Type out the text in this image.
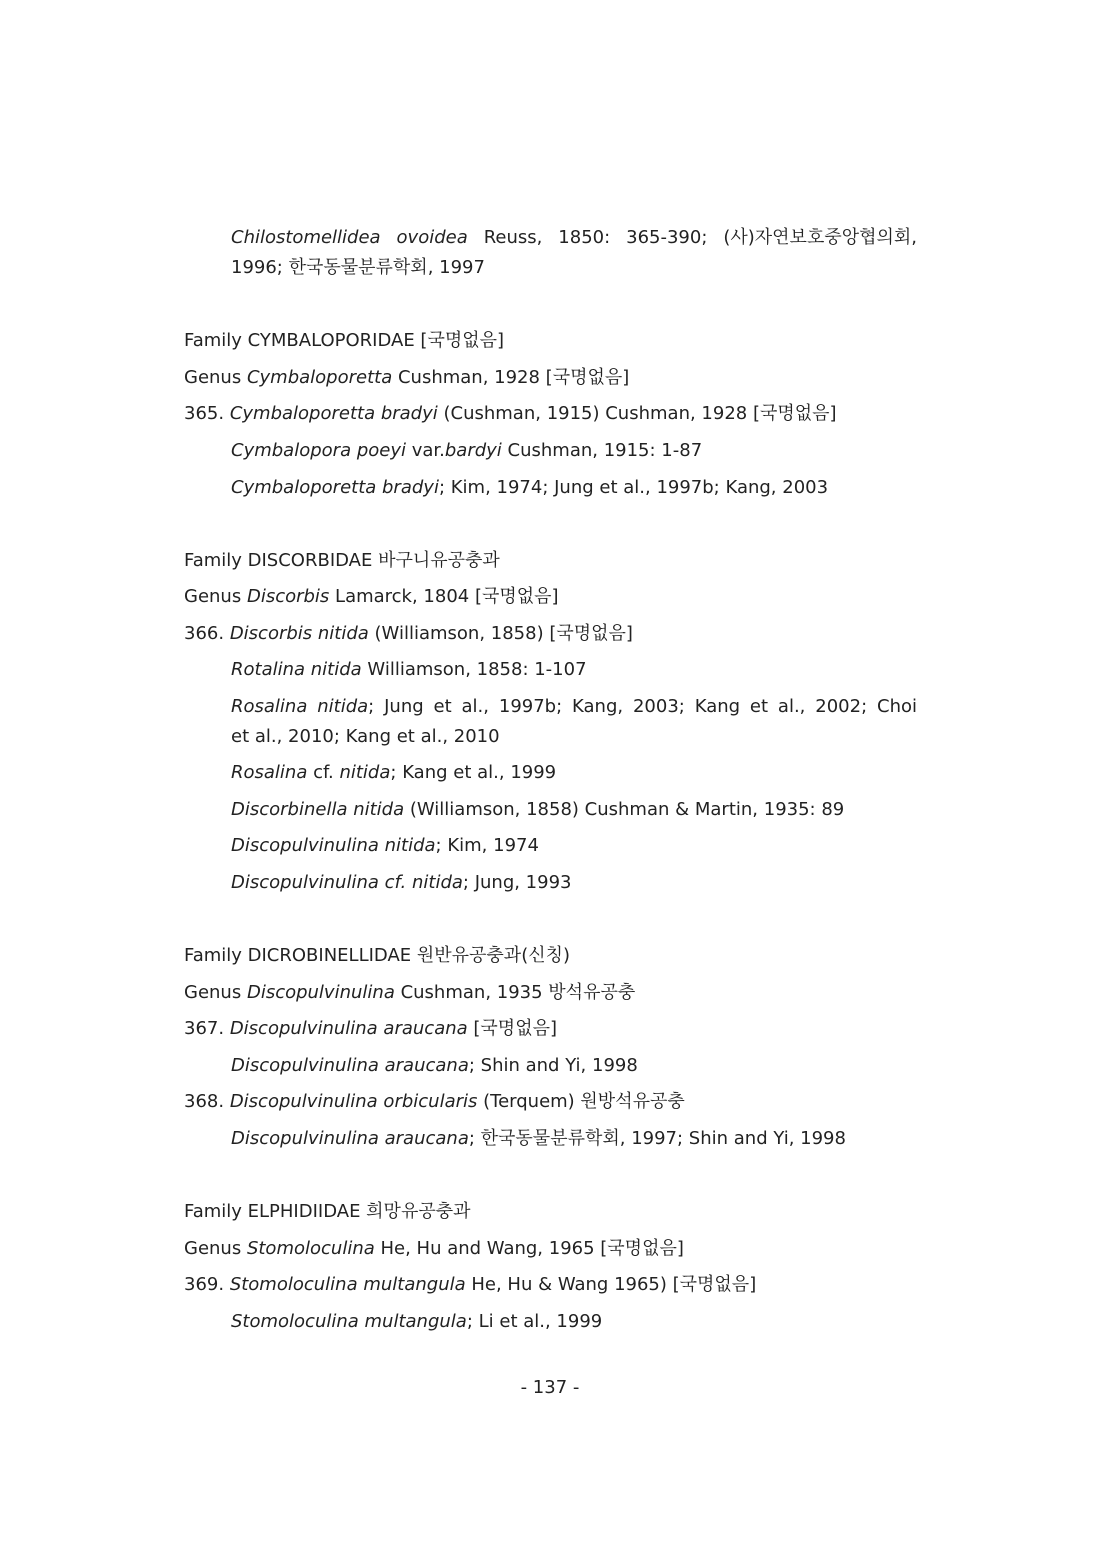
Chilostomellidea ovoidea Reuss, 1850: 365-390; (사)자연보호중앙협의회,
1996; 한국동물분류학회, 1997
Family CYMBALOPORIDAE [국명없음]
Genus Cymbaloporetta Cushman, 1928 [국명없음]
365. Cymbaloporetta bradyi (Cushman, 1915) Cushman, 1928 [국명없음]
Cymbalopora poeyi var.bardyi Cushman, 1915: 1-87
Cymbaloporetta bradyi; Kim, 1974; Jung et al., 1997b; Kang, 2003
Family DISCORBIDAE 바구니유공충과
Genus Discorbis Lamarck, 1804 [국명없음]
366. Discorbis nitida (Williamson, 1858) [국명없음]
Rotalina nitida Williamson, 1858: 1-107
Rosalina nitida; Jung et al., 1997b; Kang, 2003; Kang et al., 2002; Choi
et al., 2010; Kang et al., 2010
Rosalina cf. nitida; Kang et al., 1999
Discorbinella nitida (Williamson, 1858) Cushman & Martin, 1935: 89
Discopulvinulina nitida; Kim, 1974
Discopulvinulina cf. nitida; Jung, 1993
Family DICROBINELLIDAE 원반유공충과(신칭)
Genus Discopulvinulina Cushman, 1935 방석유공충
367. Discopulvinulina araucana [국명없음]
Discopulvinulina araucana; Shin and Yi, 1998
368. Discopulvinulina orbicularis (Terquem) 원방석유공충
Discopulvinulina araucana; 한국동물분류학회, 1997; Shin and Yi, 1998
Family ELPHIDIIDAE 희망유공충과
Genus Stomoloculina He, Hu and Wang, 1965 [국명없음]
369. Stomoloculina multangula He, Hu & Wang 1965) [국명없음]
Stomoloculina multangula; Li et al., 1999
- 137 -
